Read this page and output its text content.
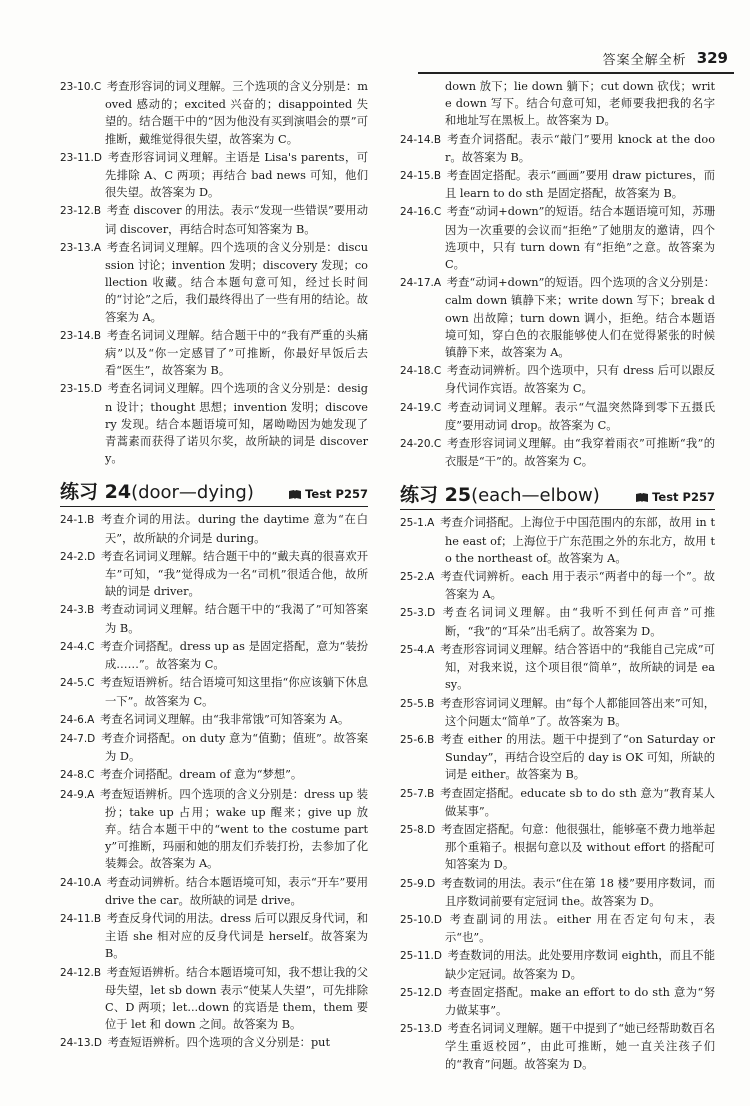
答案全解全析 329

23-10.C  考查形容词的词义理解。三个选项的含义分别是：moved 感动的；excited 兴奋的；disappointed 失望的。结合题干中的“因为他没有买到演唱会的票”可推断，戴维觉得很失望，故答案为 C。

23-11.D  考查形容词词义理解。主语是 Lisa's parents，可先排除 A、C 两项；再结合 bad news 可知，他们很失望。故答案为 D。

23-12.B  考查 discover 的用法。表示“发现一些错误”要用动词 discover，再结合时态可知答案为 B。

23-13.A  考查名词词义理解。四个选项的含义分别是：discussion 讨论；invention 发明；discovery 发现；collection 收藏。结合本题句意可知，经过长时间的“讨论”之后，我们最终得出了一些有用的结论。故答案为 A。

23-14.B  考查名词词义理解。结合题干中的“我有严重的头痛病”以及“你一定感冒了”可推断，你最好早饭后去看“医生”，故答案为 B。

23-15.D  考查名词词义理解。四个选项的含义分别是：design 设计；thought 思想；invention 发明；discovery 发现。结合本题语境可知，屠呦呦因为她发现了青蒿素而获得了诺贝尔奖，故所缺的词是 discovery。

练习 24(door—dying)	Test P257

24-1.B  考查介词的用法。during the daytime 意为“在白天”，故所缺的介词是 during。

24-2.D  考查名词词义理解。结合题干中的“戴夫真的很喜欢开车”可知，“我”觉得成为一名“司机”很适合他，故所缺的词是 driver。

24-3.B  考查动词词义理解。结合题干中的“我渴了”可知答案为 B。

24-4.C  考查介词搭配。dress up as 是固定搭配，意为“装扮成……”。故答案为 C。

24-5.C  考查短语辨析。结合语境可知这里指“你应该躺下休息一下”。故答案为 C。

24-6.A  考查名词词义理解。由“我非常饿”可知答案为 A。

24-7.D  考查介词搭配。on duty 意为“值勤；值班”。故答案为 D。

24-8.C  考查介词搭配。dream of 意为“梦想”。

24-9.A  考查短语辨析。四个选项的含义分别是：dress up 装扮；take up 占用；wake up 醒来；give up 放弃。结合本题干中的“went to the costume party”可推断，玛丽和她的朋友们乔装打扮，去参加了化装舞会。故答案为 A。

24-10.A  考查动词辨析。结合本题语境可知，表示“开车”要用 drive the car。故所缺的词是 drive。

24-11.B  考查反身代词的用法。dress 后可以跟反身代词，和主语 she 相对应的反身代词是 herself。故答案为 B。

24-12.B  考查短语辨析。结合本题语境可知，我不想让我的父母失望，let sb down 表示“使某人失望”，可先排除 C、D 两项；let...down 的宾语是 them，them 要位于 let 和 down 之间。故答案为 B。

24-13.D  考查短语辨析。四个选项的含义分别是：put

down 放下；lie down 躺下；cut down 砍伐；write down 写下。结合句意可知，老师要我把我的名字和地址写在黑板上。故答案为 D。

24-14.B  考查介词搭配。表示“敲门”要用 knock at the door。故答案为 B。

24-15.B  考查固定搭配。表示“画画”要用 draw pictures，而且 learn to do sth 是固定搭配，故答案为 B。

24-16.C  考查“动词+down”的短语。结合本题语境可知，苏珊因为一次重要的会议而“拒绝”了她朋友的邀请，四个选项中，只有 turn down 有“拒绝”之意。故答案为 C。

24-17.A  考查“动词+down”的短语。四个选项的含义分别是：calm down 镇静下来；write down 写下；break down 出故障；turn down 调小，拒绝。结合本题语境可知，穿白色的衣服能够使人们在觉得紧张的时候镇静下来，故答案为 A。

24-18.C  考查动词辨析。四个选项中，只有 dress 后可以跟反身代词作宾语。故答案为 C。

24-19.C  考查动词词义理解。表示“气温突然降到零下五摄氏度”要用动词 drop。故答案为 C。

24-20.C  考查形容词词义理解。由“我穿着雨衣”可推断“我”的衣服是“干”的。故答案为 C。

练习 25(each—elbow)	Test P257

25-1.A  考查介词搭配。上海位于中国范围内的东部，故用 in the east of；上海位于广东范围之外的东北方，故用 to the northeast of。故答案为 A。

25-2.A  考查代词辨析。each 用于表示“两者中的每一个”。故答案为 A。

25-3.D  考查名词词义理解。由“我听不到任何声音”可推断，“我”的“耳朵”出毛病了。故答案为 D。

25-4.A  考查形容词词义理解。结合答语中的“我能自己完成”可知，对我来说，这个项目很“简单”，故所缺的词是 easy。

25-5.B  考查形容词词义理解。由“每个人都能回答出来”可知，这个问题太“简单”了。故答案为 B。

25-6.B  考查 either 的用法。题干中提到了“on Saturday or Sunday”，再结合设空后的 day is OK 可知，所缺的词是 either。故答案为 B。

25-7.B  考查固定搭配。educate sb to do sth 意为“教育某人做某事”。

25-8.D  考查固定搭配。句意：他很强壮，能够毫不费力地举起那个重箱子。根据句意以及 without effort 的搭配可知答案为 D。

25-9.D  考查数词的用法。表示“住在第 18 楼”要用序数词，而且序数词前要有定冠词 the。故答案为 D。

25-10.D  考查副词的用法。either 用在否定句句末，表示“也”。

25-11.D  考查数词的用法。此处要用序数词 eighth，而且不能缺少定冠词。故答案为 D。

25-12.D  考查固定搭配。make an effort to do sth 意为“努力做某事”。

25-13.D  考查名词词义理解。题干中提到了“她已经帮助数百名学生重返校园”，由此可推断，她一直关注孩子们的“教育”问题。故答案为 D。
